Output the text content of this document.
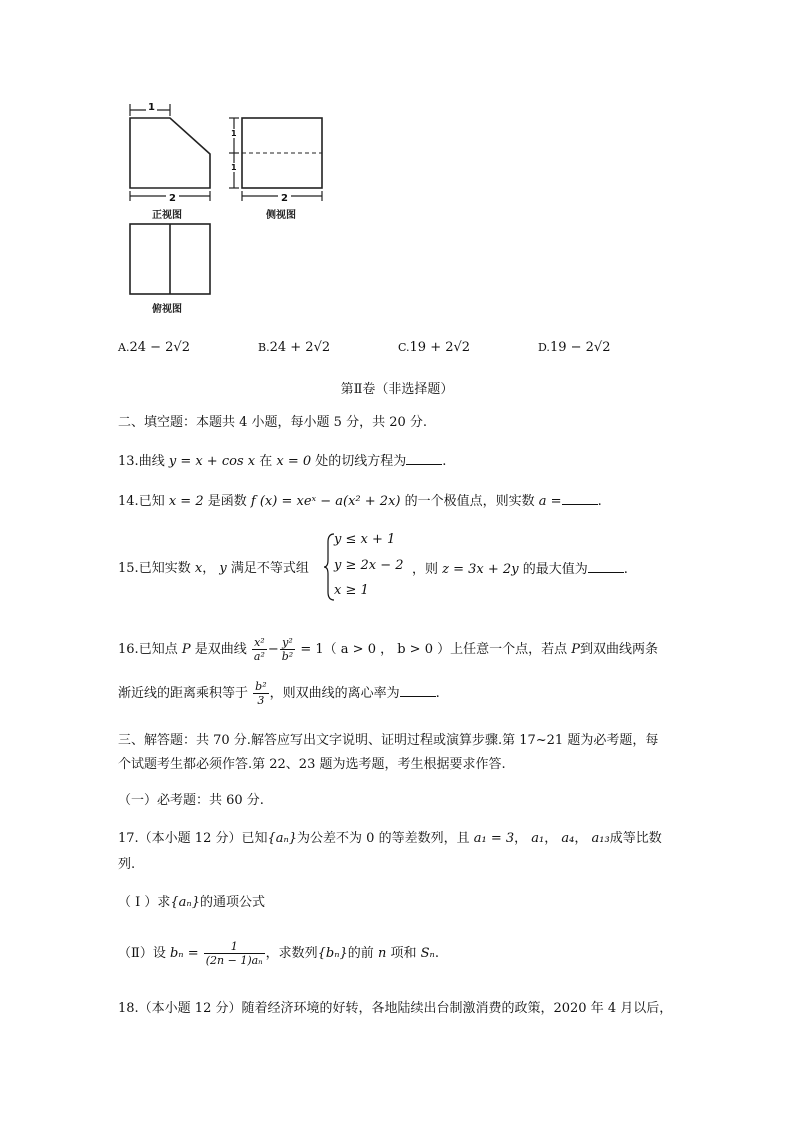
1
2	2
1
1
正视图	侧视图
俯视图
A.24 − 2√2	B.24 + 2√2	C.19 + 2√2	D.19 − 2√2
第Ⅱ卷（非选择题）
二、填空题：本题共 4 小题，每小题 5 分，共 20 分.
13.曲线 y = x + cos x 在 x = 0 处的切线方程为	.
14.已知 x = 2 是函数 f (x) = xeˣ − a(x² + 2x) 的一个极值点，则实数 a =	.
15.已知实数 x， y 满足不等式组
y ≤ x + 1
y ≥ 2x − 2
x ≥ 1
，则 z = 3x + 2y 的最大值为	.
16.已知点 P 是双曲线 $\frac{\text{x²}}{\text{a²}} - \frac{\text{y²}}{\text{b²}} = 1$（ a > 0 ， b > 0 ）上任意一个点，若点 P到双曲线两条
渐近线的距离乘积等于 $\frac{\text{b²}}{3}$ ，则双曲线的离心率为	.
三、解答题：共 70 分.解答应写出文字说明、证明过程或演算步骤.第 17~21 题为必考题，每
个试题考生都必须作答.第 22、23 题为选考题，考生根据要求作答.
（一）必考题：共 60 分.
17.（本小题 12 分）已知{aₙ}为公差不为 0 的等差数列，且 a₁ = 3， a₁， a₄， a₁₃成等比数
列.
（ I ）求{aₙ}的通项公式
（Ⅱ）设 $b_n = \frac{1}{\text{(2n − 1)aₙ}}$ ，求数列{bₙ}的前 n 项和 Sₙ.
18.（本小题 12 分）随着经济环境的好转，各地陆续出台制激消费的政策，2020 年 4 月以后，
